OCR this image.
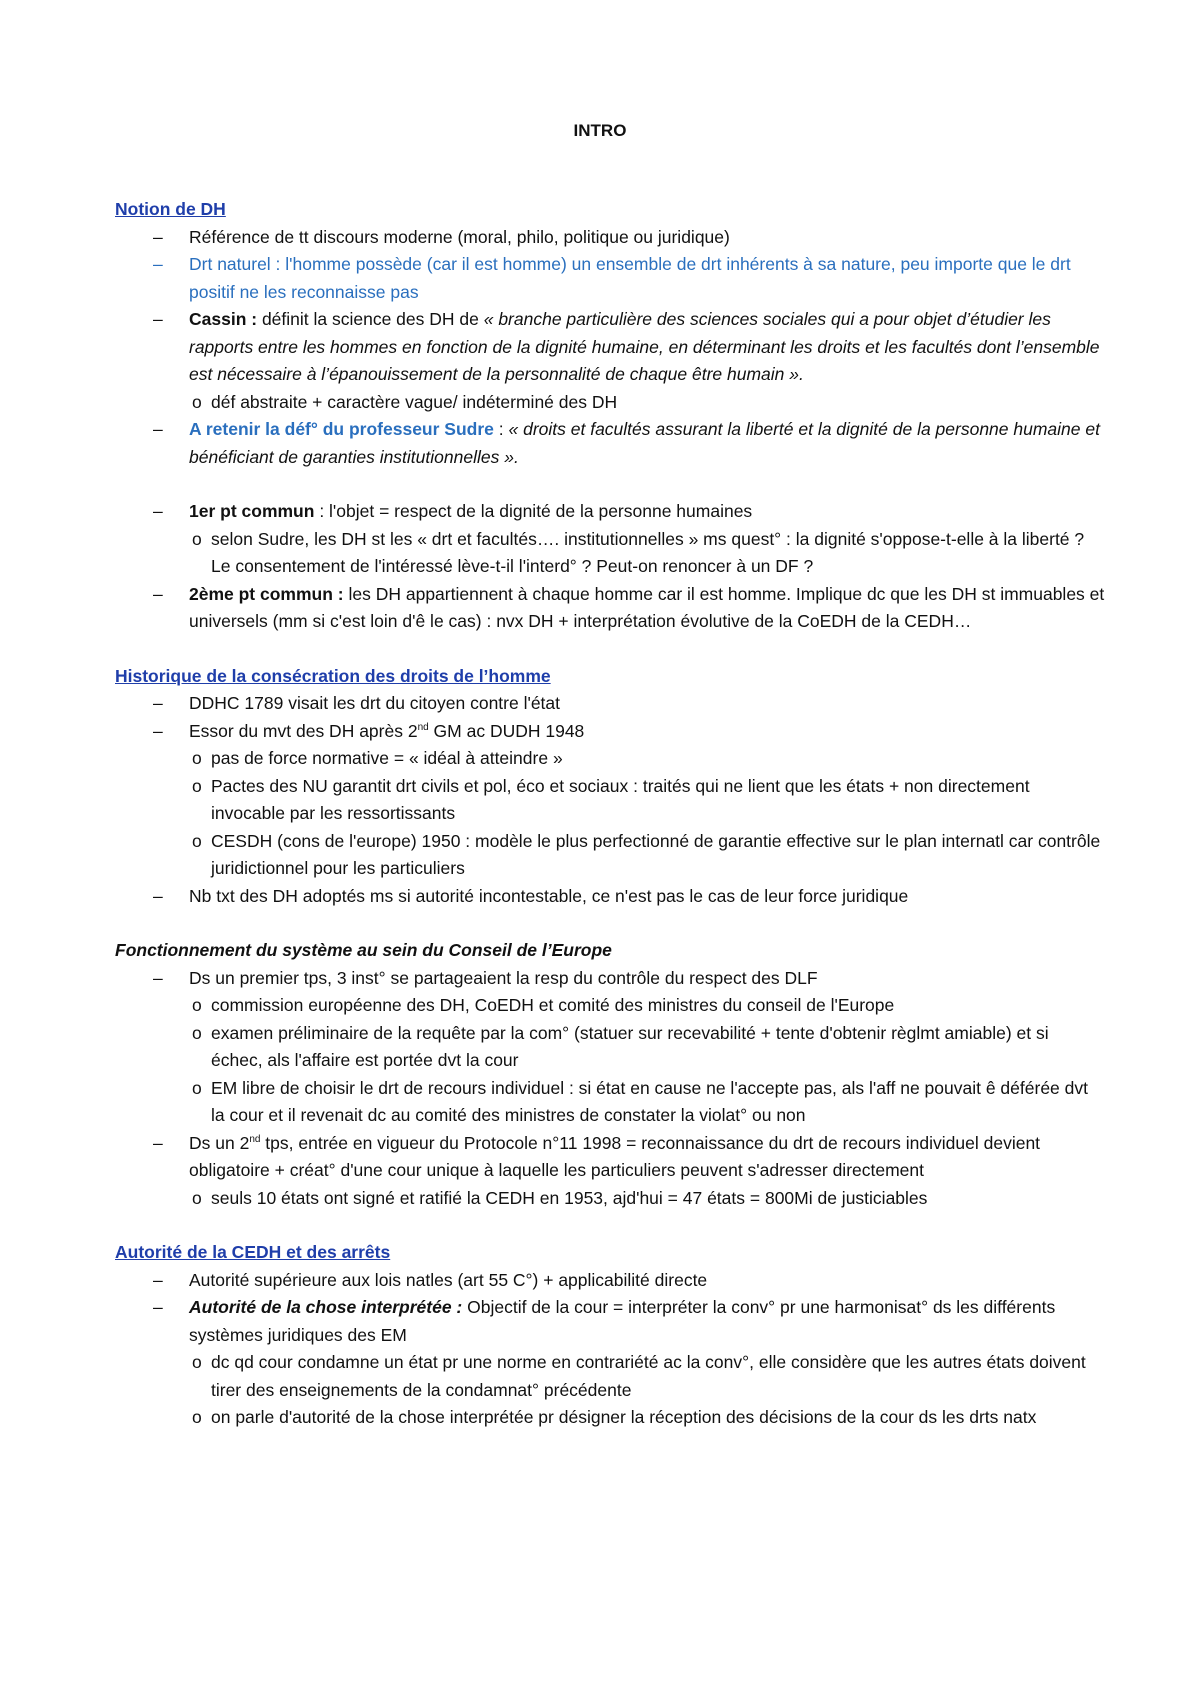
INTRO
Notion de DH
– Référence de tt discours moderne (moral, philo, politique ou juridique)
– Drt naturel : l'homme possède (car il est homme) un ensemble de drt inhérents à sa nature, peu importe que le drt positif ne les reconnaisse pas
– Cassin : définit la science des DH de « branche particulière des sciences sociales qui a pour objet d’étudier les rapports entre les hommes en fonction de la dignité humaine, en déterminant les droits et les facultés dont l’ensemble est nécessaire à l’épanouissement de la personnalité de chaque être humain ».
o déf abstraite + caractère vague/ indéterminé des DH
– A retenir la déf° du professeur Sudre : « droits et facultés assurant la liberté et la dignité de la personne humaine et bénéficiant de garanties institutionnelles ».
– 1er pt commun : l'objet = respect de la dignité de la personne humaines
o selon Sudre, les DH st les « drt et facultés…. institutionnelles » ms quest° : la dignité s'oppose-t-elle à la liberté ? Le consentement de l'intéressé lève-t-il l'interd° ? Peut-on renoncer à un DF ?
– 2ème pt commun : les DH appartiennent à chaque homme car il est homme. Implique dc que les DH st immuables et universels (mm si c'est loin d'ê le cas) : nvx DH + interprétation évolutive de la CoEDH de la CEDH…
Historique de la consécration des droits de l’homme
– DDHC 1789 visait les drt du citoyen contre l'état
– Essor du mvt des DH après 2nd GM ac DUDH 1948
o pas de force normative = « idéal à atteindre »
o Pactes des NU garantit drt civils et pol, éco et sociaux : traités qui ne lient que les états + non directement invocable par les ressortissants
o CESDH (cons de l'europe) 1950 : modèle le plus perfectionné de garantie effective sur le plan internatl car contrôle juridictionnel pour les particuliers
– Nb txt des DH adoptés ms si autorité incontestable, ce n'est pas le cas de leur force juridique
Fonctionnement du système au sein du Conseil de l’Europe
– Ds un premier tps, 3 inst° se partageaient la resp du contrôle du respect des DLF
o commission européenne des DH, CoEDH et comité des ministres du conseil de l'Europe
o examen préliminaire de la requête par la com° (statuer sur recevabilité + tente d'obtenir règlmt amiable) et si échec, als l'affaire est portée dvt la cour
o EM libre de choisir le drt de recours individuel : si état en cause ne l'accepte pas, als l'aff ne pouvait ê déférée dvt la cour et il revenait dc au comité des ministres de constater la violat° ou non
– Ds un 2nd tps, entrée en vigueur du Protocole n°11 1998 = reconnaissance du drt de recours individuel devient obligatoire + créat° d'une cour unique à laquelle les particuliers peuvent s'adresser directement
o seuls 10 états ont signé et ratifié la CEDH en 1953, ajd'hui = 47 états = 800Mi de justiciables
Autorité de la CEDH et des arrêts
– Autorité supérieure aux lois natles (art 55 C°) + applicabilité directe
– Autorité de la chose interprétée : Objectif de la cour = interpréter la conv° pr une harmonisat° ds les différents systèmes juridiques des EM
o dc qd cour condamne un état pr une norme en contrariété ac la conv°, elle considère que les autres états doivent tirer des enseignements de la condamnat° précédente
o on parle d'autorité de la chose interprétée pr désigner la réception des décisions de la cour ds les drts natx
